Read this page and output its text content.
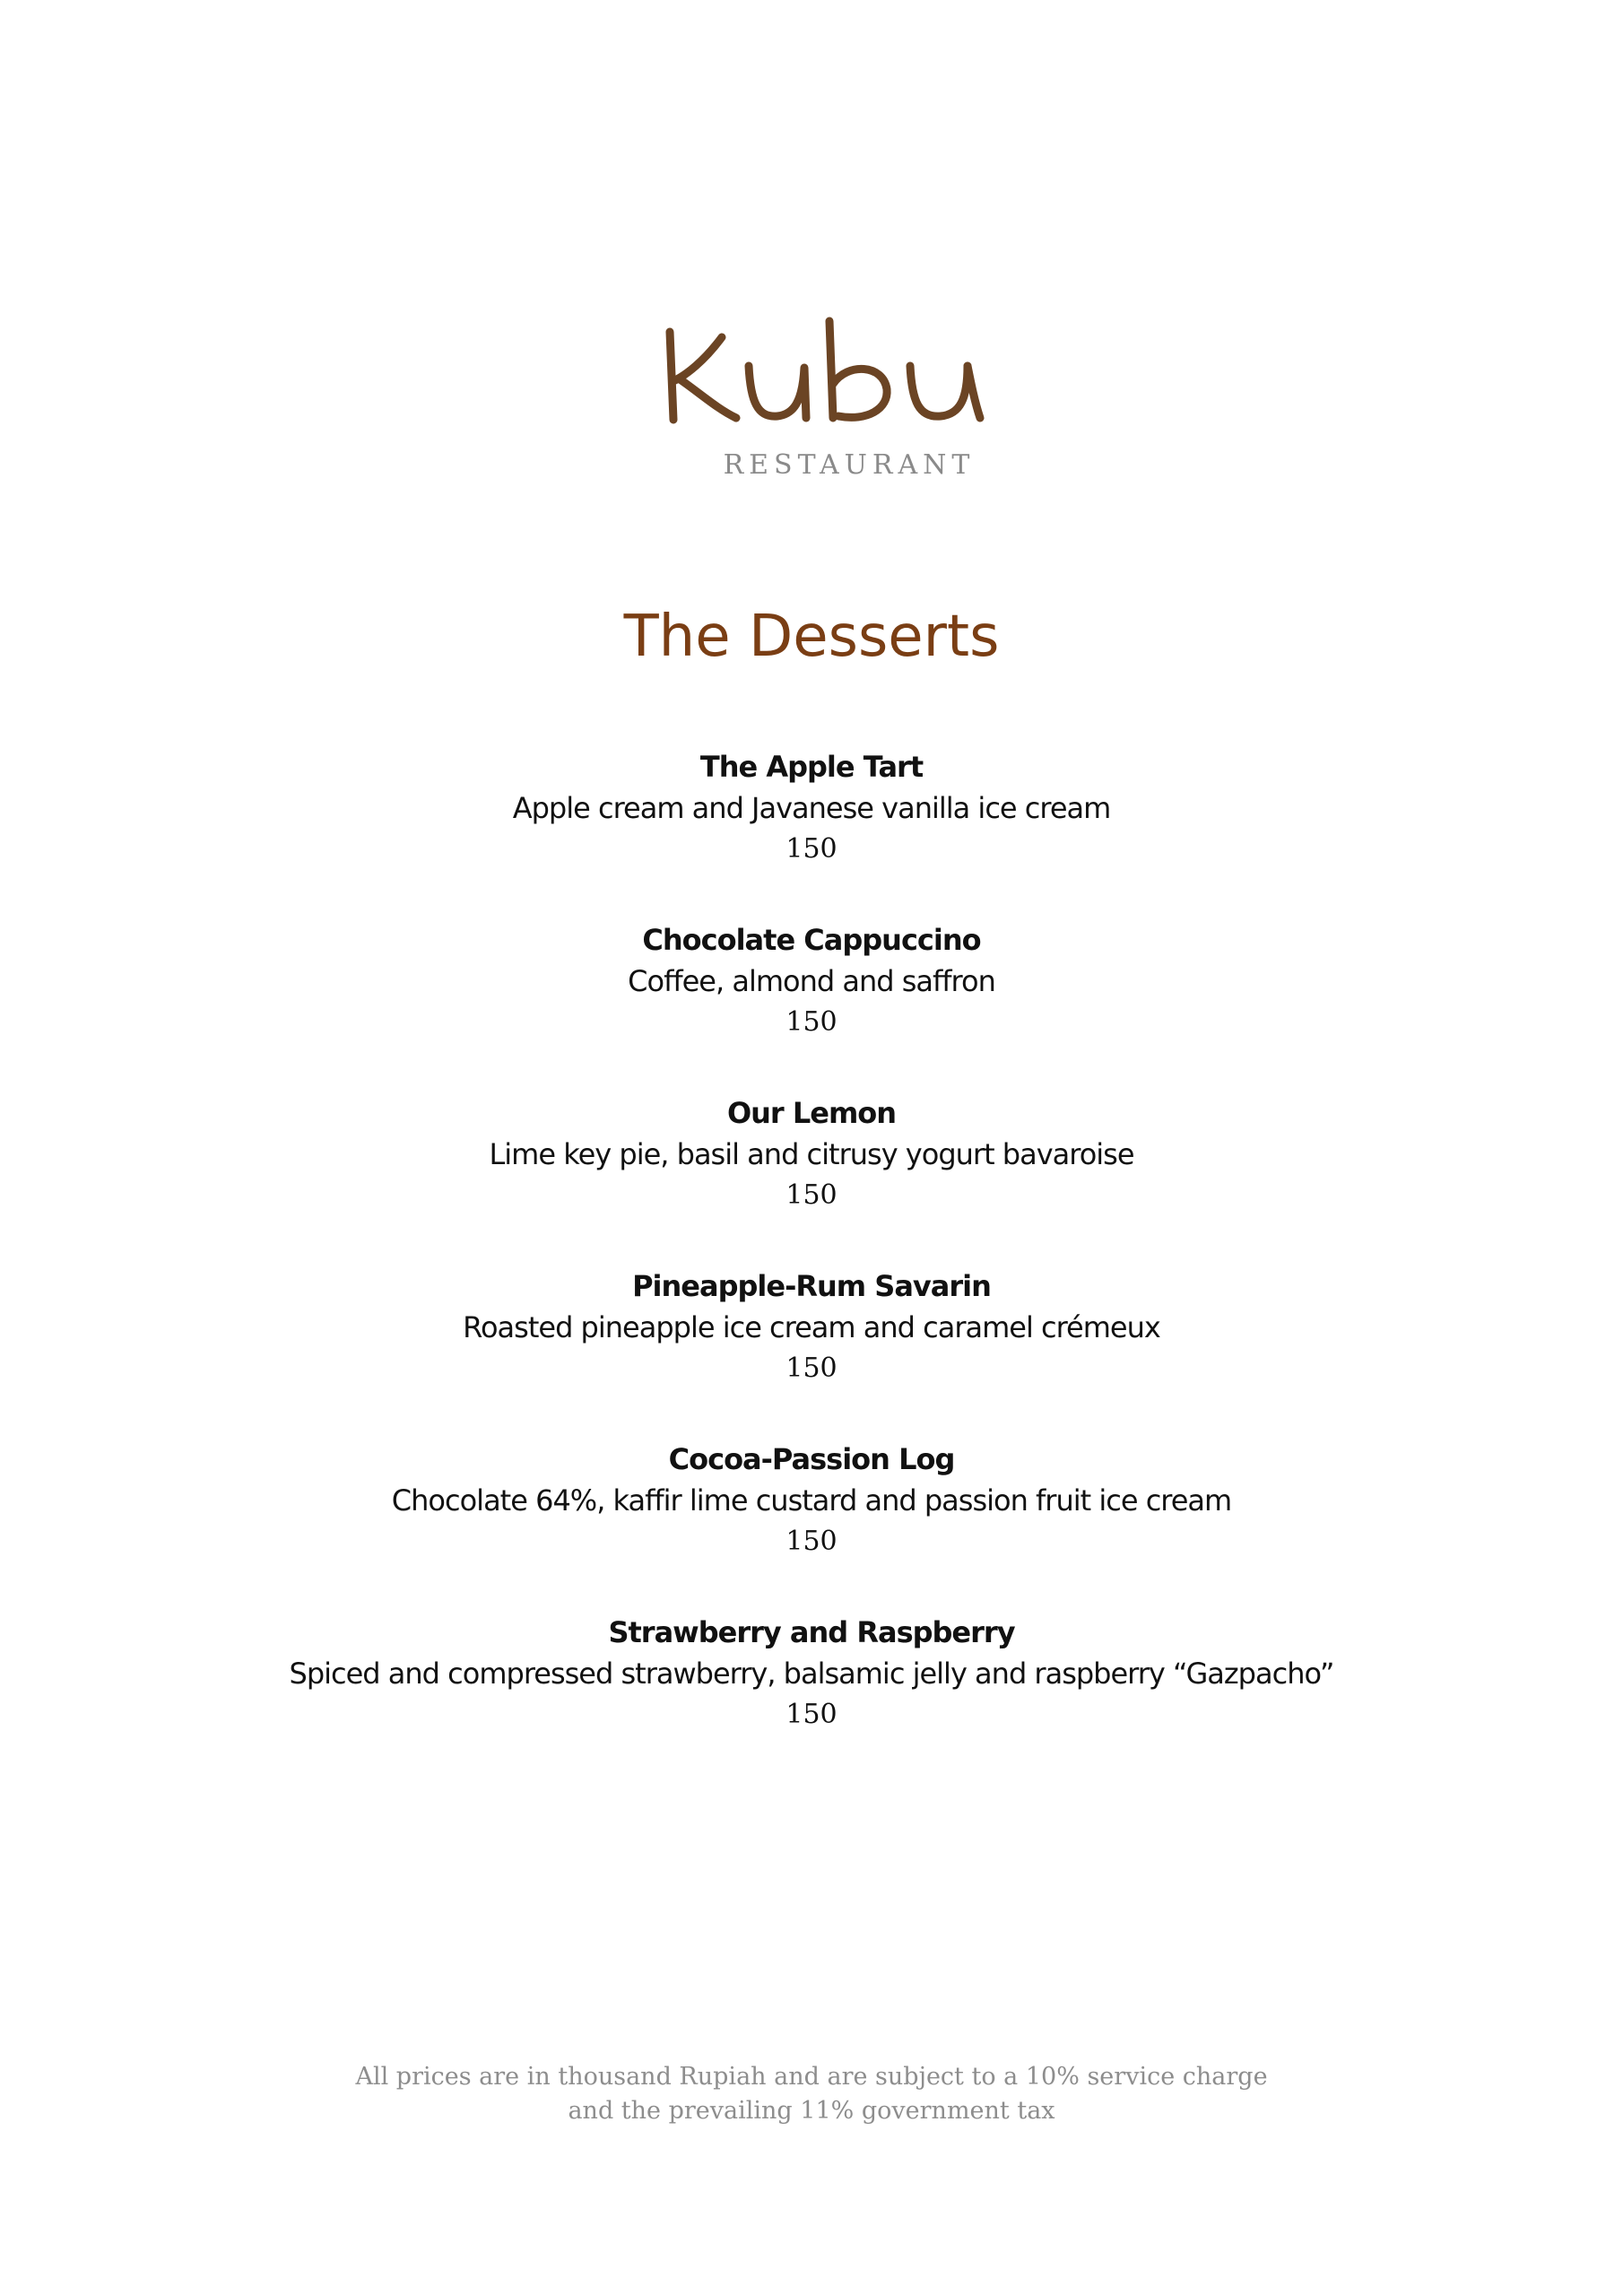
RESTAURANT
The Desserts
The Apple Tart
Apple cream and Javanese vanilla ice cream
150
Chocolate Cappuccino
Coffee, almond and saffron
150
Our Lemon
Lime key pie, basil and citrusy yogurt bavaroise
150
Pineapple-Rum Savarin
Roasted pineapple ice cream and caramel crémeux
150
Cocoa-Passion Log
Chocolate 64%, kaffir lime custard and passion fruit ice cream
150
Strawberry and Raspberry
Spiced and compressed strawberry, balsamic jelly and raspberry “Gazpacho”
150
All prices are in thousand Rupiah and are subject to a 10% service charge
and the prevailing 11% government tax
